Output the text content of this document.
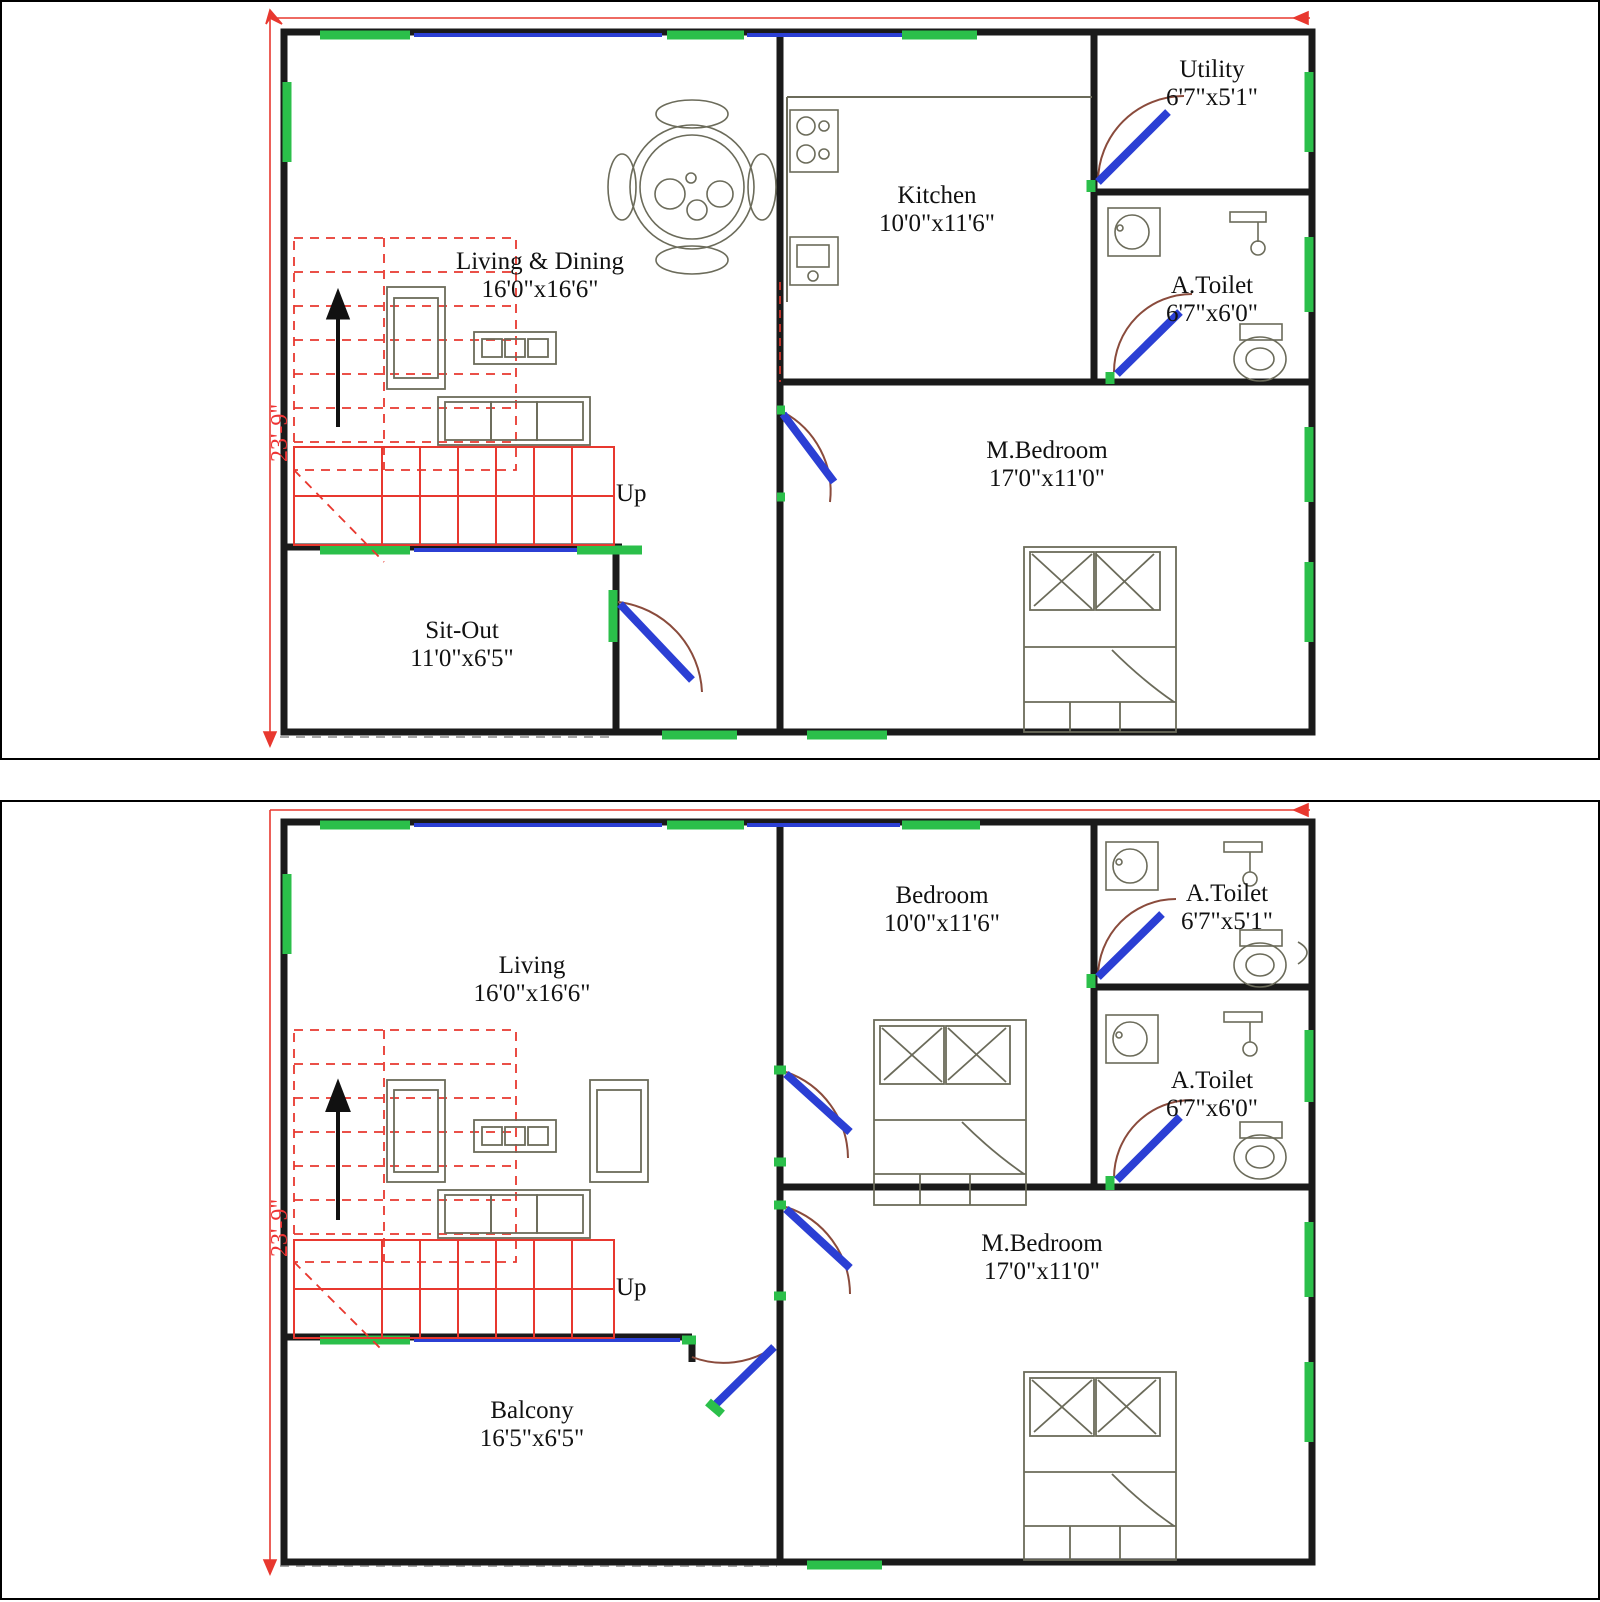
23'-9"
Living & Dining
16'0"x16'6"
Kitchen
10'0"x11'6"
Utility
6'7"x5'1"
A.Toilet
6'7"x6'0"
M.Bedroom
17'0"x11'0"
Sit-Out
11'0"x6'5"
Up
23'-9"
Living
16'0"x16'6"
Bedroom
10'0"x11'6"
A.Toilet
6'7"x5'1"
A.Toilet
6'7"x6'0"
M.Bedroom
17'0"x11'0"
Balcony
16'5"x6'5"
Up
